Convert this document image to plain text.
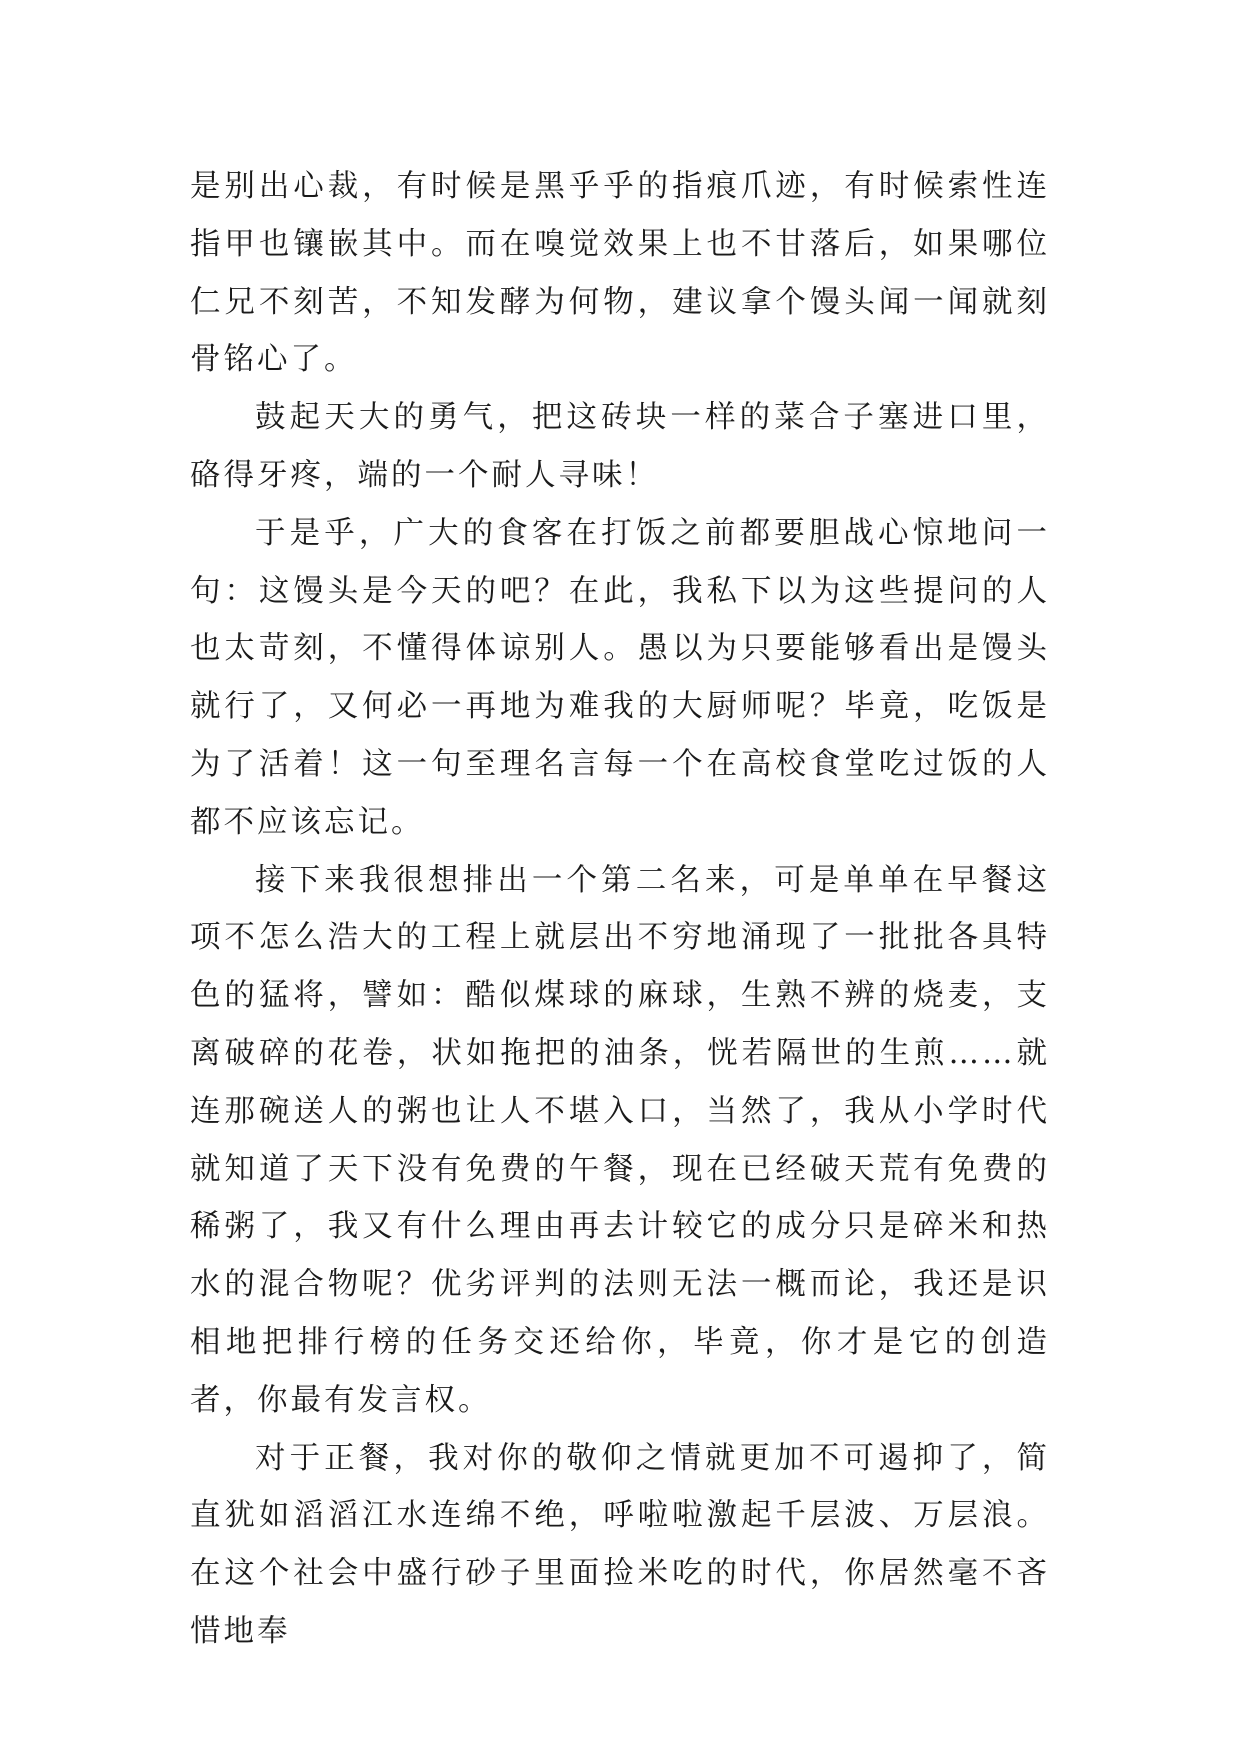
是别出心裁，有时候是黑乎乎的指痕爪迹，有时候索性连指甲也镶嵌其中。而在嗅觉效果上也不甘落后，如果哪位仁兄不刻苦，不知发酵为何物，建议拿个馒头闻一闻就刻骨铭心了。

鼓起天大的勇气，把这砖块一样的菜合子塞进口里，硌得牙疼，端的一个耐人寻味！

于是乎，广大的食客在打饭之前都要胆战心惊地问一句：这馒头是今天的吧？在此，我私下以为这些提问的人也太苛刻，不懂得体谅别人。愚以为只要能够看出是馒头就行了，又何必一再地为难我的大厨师呢？毕竟，吃饭是为了活着！这一句至理名言每一个在高校食堂吃过饭的人都不应该忘记。

接下来我很想排出一个第二名来，可是单单在早餐这项不怎么浩大的工程上就层出不穷地涌现了一批批各具特色的猛将，譬如：酷似煤球的麻球，生熟不辨的烧麦，支离破碎的花卷，状如拖把的油条，恍若隔世的生煎……就连那碗送人的粥也让人不堪入口，当然了，我从小学时代就知道了天下没有免费的午餐，现在已经破天荒有免费的稀粥了，我又有什么理由再去计较它的成分只是碎米和热水的混合物呢？优劣评判的法则无法一概而论，我还是识相地把排行榜的任务交还给你，毕竟，你才是它的创造者，你最有发言权。

对于正餐，我对你的敬仰之情就更加不可遏抑了，简直犹如滔滔江水连绵不绝，呼啦啦激起千层波、万层浪。在这个社会中盛行砂子里面捡米吃的时代，你居然毫不吝惜地奉
